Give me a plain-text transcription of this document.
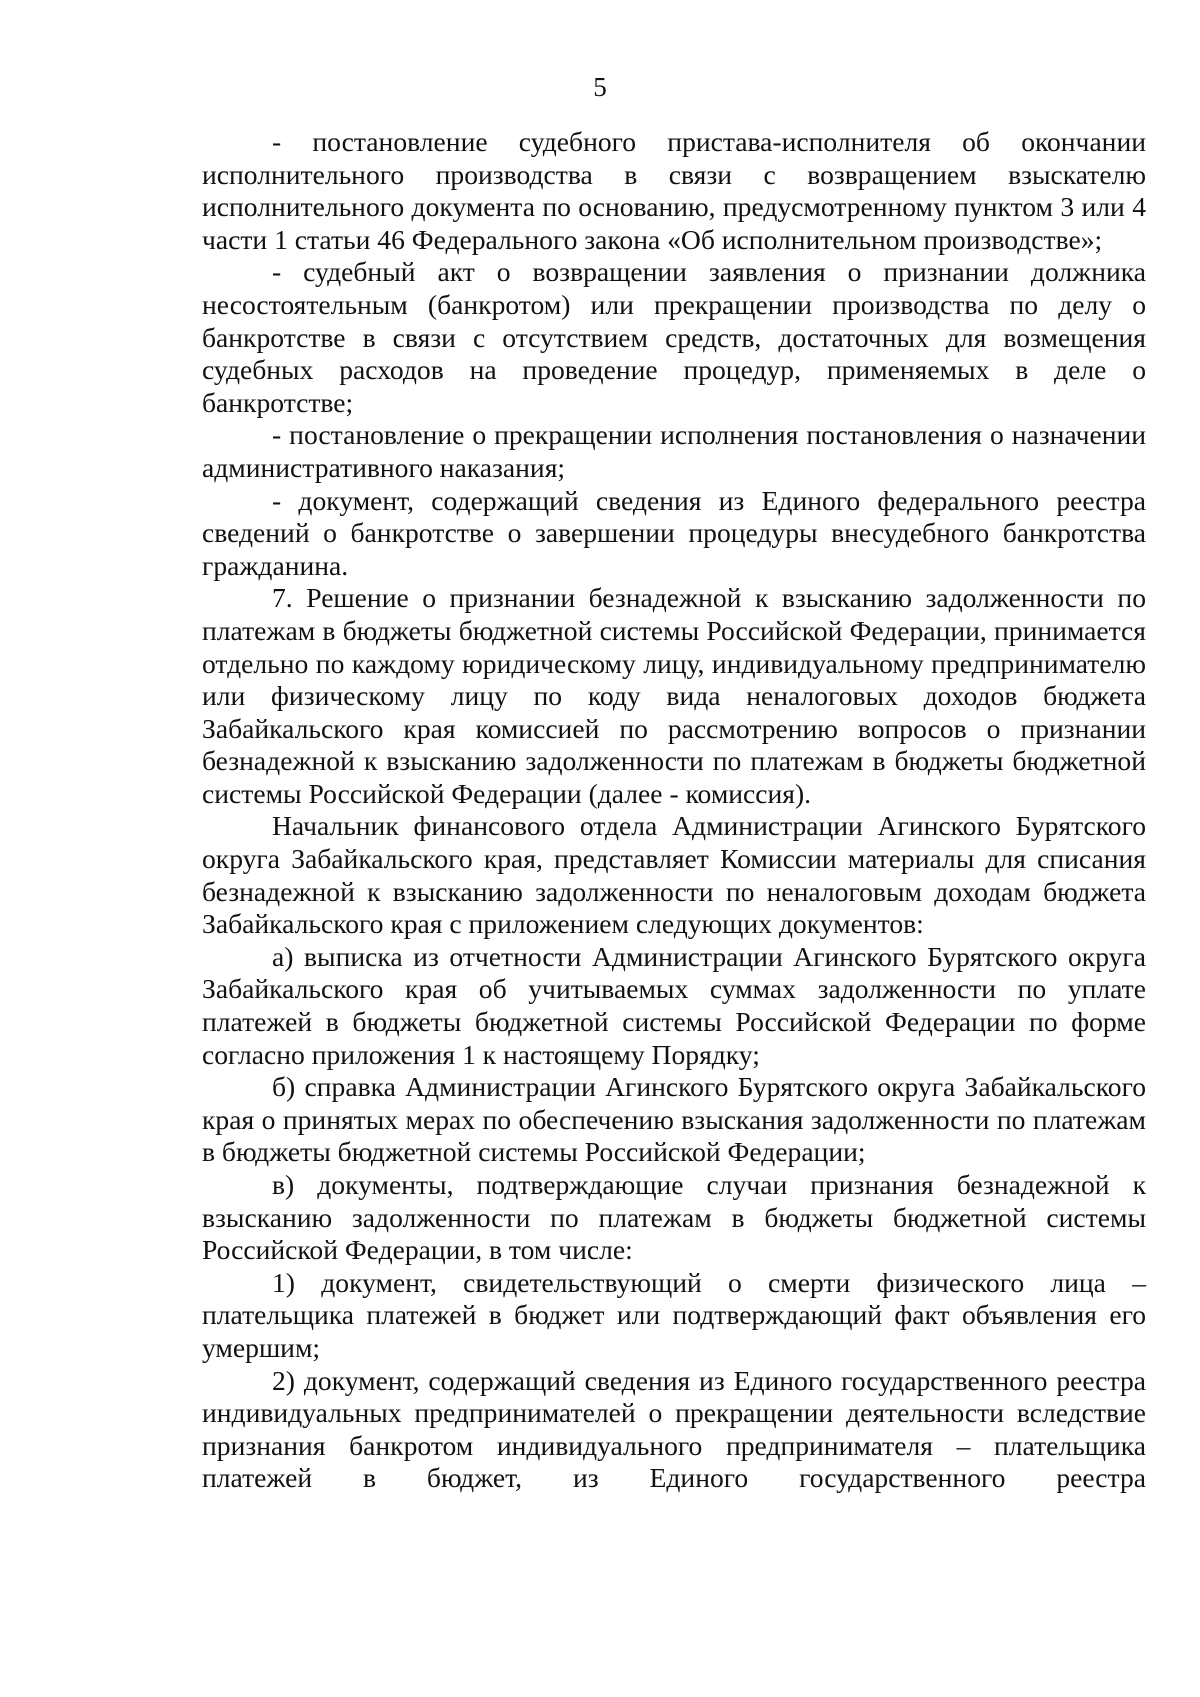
5

- постановление судебного пристава-исполнителя об окончании исполнительного производства в связи с возвращением взыскателю исполнительного документа по основанию, предусмотренному пунктом 3 или 4 части 1 статьи 46 Федерального закона «Об исполнительном производстве»;

- судебный акт о возвращении заявления о признании должника несостоятельным (банкротом) или прекращении производства по делу о банкротстве в связи с отсутствием средств, достаточных для возмещения судебных расходов на проведение процедур, применяемых в деле о банкротстве;

- постановление о прекращении исполнения постановления о назначении административного наказания;

- документ, содержащий сведения из Единого федерального реестра сведений о банкротстве о завершении процедуры внесудебного банкротства гражданина.

7. Решение о признании безнадежной к взысканию задолженности по платежам в бюджеты бюджетной системы Российской Федерации, принимается отдельно по каждому юридическому лицу, индивидуальному предпринимателю или физическому лицу по коду вида неналоговых доходов бюджета Забайкальского края комиссией по рассмотрению вопросов о признании безнадежной к взысканию задолженности по платежам в бюджеты бюджетной системы Российской Федерации (далее - комиссия).

Начальник финансового отдела Администрации Агинского Бурятского округа Забайкальского края, представляет Комиссии материалы для списания безнадежной к взысканию задолженности по неналоговым доходам бюджета Забайкальского края с приложением следующих документов:

а) выписка из отчетности Администрации Агинского Бурятского округа Забайкальского края об учитываемых суммах задолженности по уплате платежей в бюджеты бюджетной системы Российской Федерации по форме согласно приложения 1 к настоящему Порядку;

б) справка Администрации Агинского Бурятского округа Забайкальского края о принятых мерах по обеспечению взыскания задолженности по платежам в бюджеты бюджетной системы Российской Федерации;

в) документы, подтверждающие случаи признания безнадежной к взысканию задолженности по платежам в бюджеты бюджетной системы Российской Федерации, в том числе:

1) документ, свидетельствующий о смерти физического лица – плательщика платежей в бюджет или подтверждающий факт объявления его умершим;

2) документ, содержащий сведения из Единого государственного реестра индивидуальных предпринимателей о прекращении деятельности вследствие признания банкротом индивидуального предпринимателя – плательщика платежей в бюджет, из Единого государственного реестра
